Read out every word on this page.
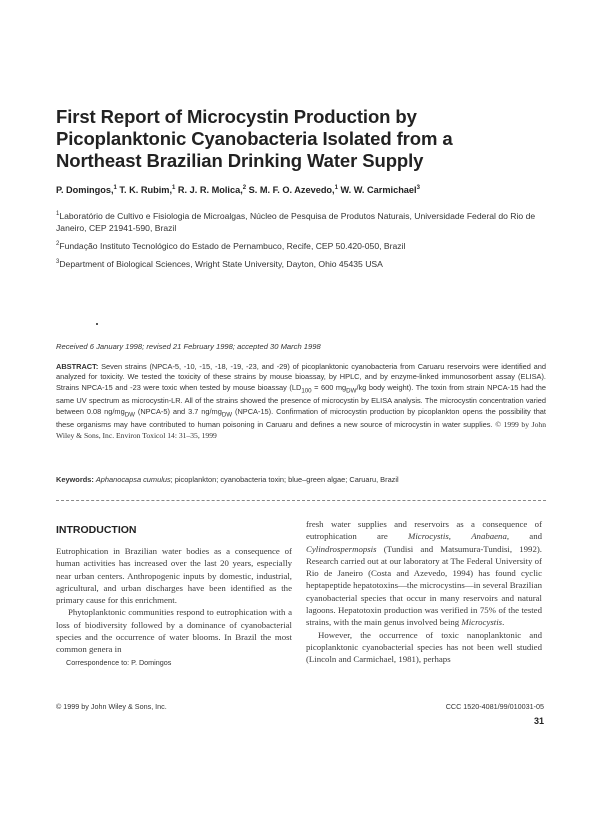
First Report of Microcystin Production by Picoplanktonic Cyanobacteria Isolated from a Northeast Brazilian Drinking Water Supply
P. Domingos,$^1$ T. K. Rubim,$^1$ R. J. R. Molica,$^2$ S. M. F. O. Azevedo,$^1$ W. W. Carmichael$^3$
$^1$Laboratório de Cultivo e Fisiologia de Microalgas, Núcleo de Pesquisa de Produtos Naturais, Universidade Federal do Rio de Janeiro, CEP 21941-590, Brazil
$^2$Fundação Instituto Tecnológico do Estado de Pernambuco, Recife, CEP 50.420-050, Brazil
$^3$Department of Biological Sciences, Wright State University, Dayton, Ohio 45435 USA
Received 6 January 1998; revised 21 February 1998; accepted 30 March 1998
ABSTRACT: Seven strains (NPCA-5, -10, -15, -18, -19, -23, and -29) of picoplanktonic cyanobacteria from Caruaru reservoirs were identified and analyzed for toxicity. We tested the toxicity of these strains by mouse bioassay, by HPLC, and by enzyme-linked immunosorbent assay (ELISA). Strains NPCA-15 and -23 were toxic when tested by mouse bioassay ($LD_{100} = 600$ $mg_{DW}/kg$ body weight). The toxin from strain NPCA-15 had the same UV spectrum as microcystin-LR. All of the strains showed the presence of microcystin by ELISA analysis. The microcystin concentration varied between 0.08 $ng/mg_{DW}$ (NPCA-5) and 3.7 $ng/mg_{DW}$ (NPCA-15). Confirmation of microcystin production by picoplankton opens the possibility that these organisms may have contributed to human poisoning in Caruaru and defines a new source of microcystin in water supplies. © 1999 by John Wiley & Sons, Inc. Environ Toxicol 14: 31–35, 1999
Keywords: Aphanocapsa cumulus; picoplankton; cyanobacteria toxin; blue–green algae; Caruaru, Brazil
INTRODUCTION

Eutrophication in Brazilian water bodies as a consequence of human activities has increased over the last 20 years, especially near urban centers. Anthropogenic inputs by domestic, industrial, agricultural, and urban discharges have been identified as the primary cause for this enrichment.

Phytoplanktonic communities respond to eutrophication with a loss of biodiversity followed by a dominance of cyanobacterial species and the occurrence of water blooms. In Brazil the most common genera in

fresh water supplies and reservoirs as a consequence of eutrophication are Microcystis, Anabaena, and Cylindrospermopsis (Tundisi and Matsumura-Tundisi, 1992). Research carried out at our laboratory at The Federal University of Rio de Janeiro (Costa and Azevedo, 1994) has found cyclic heptapeptide hepatotoxins—the microcystins—in several Brazilian cyanobacterial species that occur in many reservoirs and natural lagoons. Hepatotoxin production was verified in 75% of the tested strains, with the main genus involved being Microcystis.

However, the occurrence of toxic nanoplanktonic and picoplanktonic cyanobacterial species has not been well studied (Lincoln and Carmichael, 1981), perhaps

Correspondence to: P. Domingos
© 1999 by John Wiley & Sons, Inc.	CCC 1520-4081/99/010031-05
31
